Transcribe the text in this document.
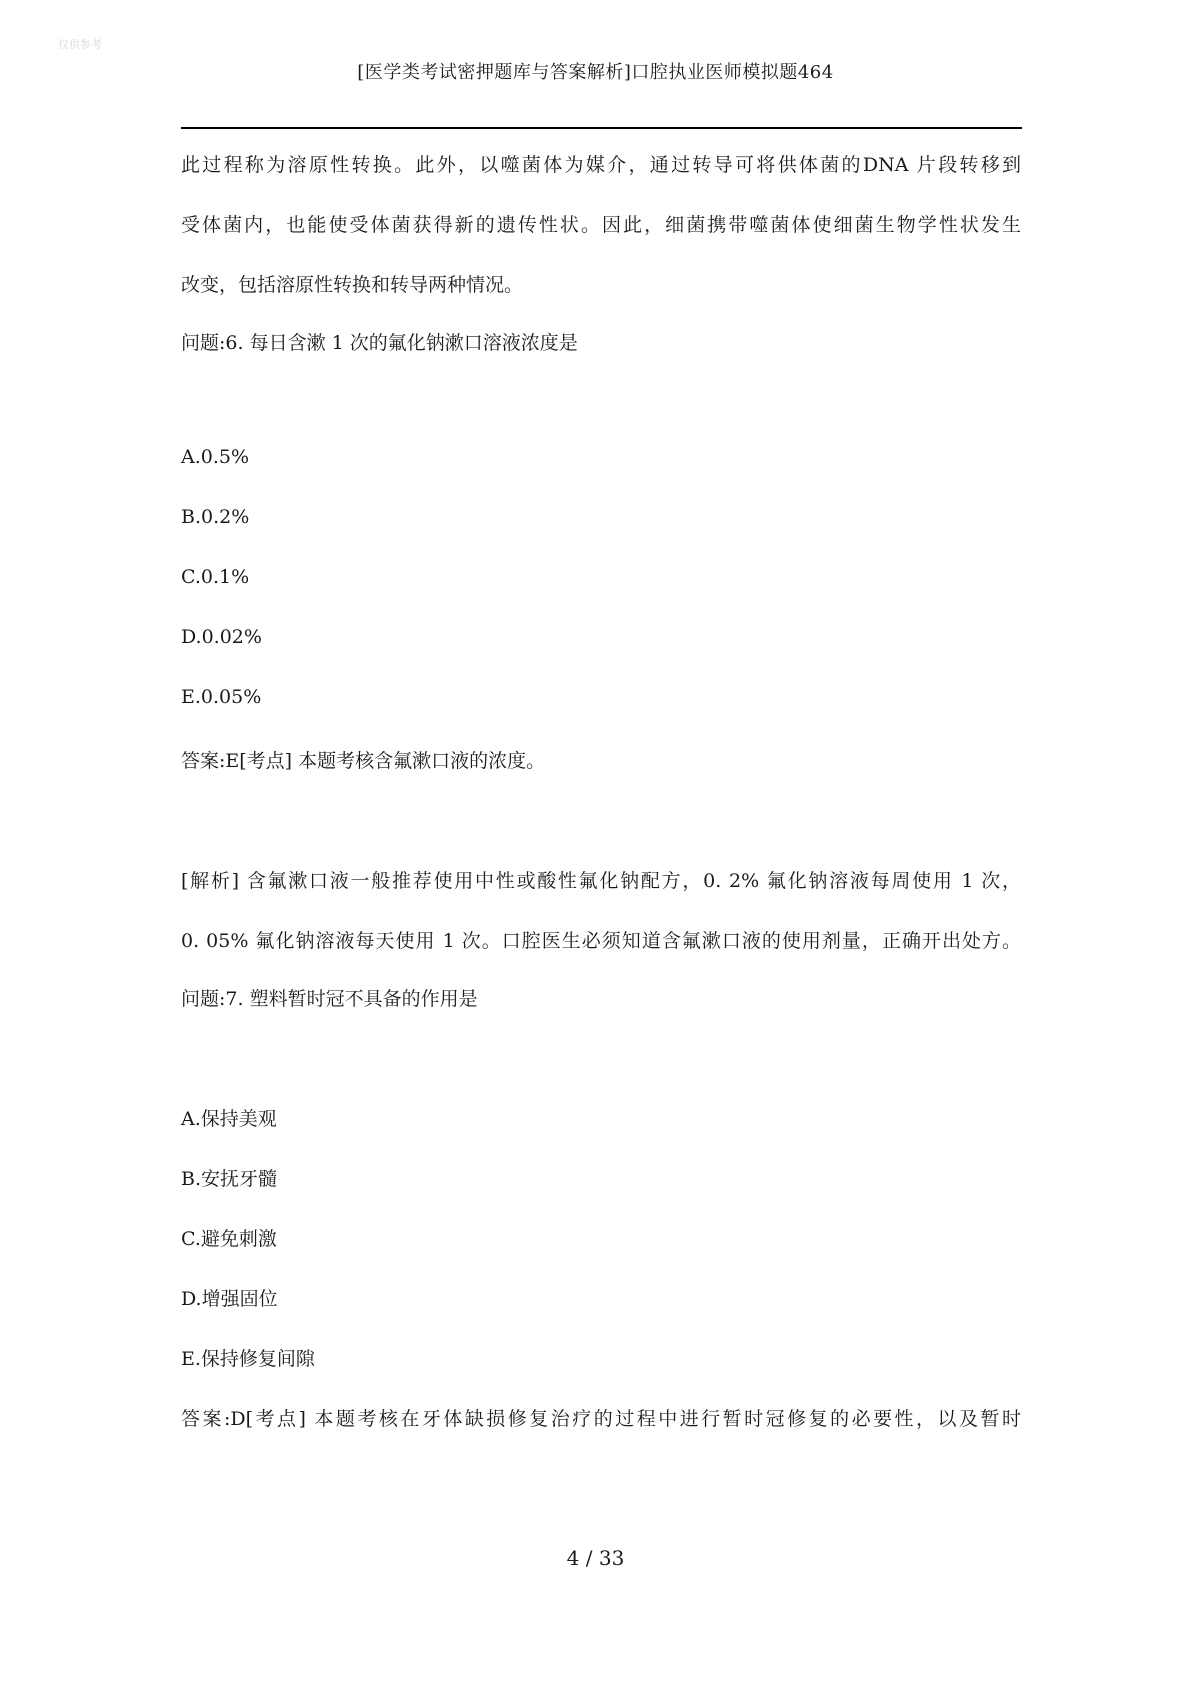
仅供参考
[医学类考试密押题库与答案解析]口腔执业医师模拟题464
此过程称为溶原性转换。此外，以噬菌体为媒介，通过转导可将供体菌的DNA 片段转移到
受体菌内，也能使受体菌获得新的遗传性状。因此，细菌携带噬菌体使细菌生物学性状发生
改变，包括溶原性转换和转导两种情况。
问题:6. 每日含漱 1 次的氟化钠漱口溶液浓度是
A.0.5%
B.0.2%
C.0.1%
D.0.02%
E.0.05%
答案:E[考点] 本题考核含氟漱口液的浓度。
[解析] 含氟漱口液一般推荐使用中性或酸性氟化钠配方，0. 2% 氟化钠溶液每周使用 1 次，
0. 05% 氟化钠溶液每天使用 1 次。口腔医生必须知道含氟漱口液的使用剂量，正确开出处方。
问题:7. 塑料暂时冠不具备的作用是
A.保持美观
B.安抚牙髓
C.避免刺激
D.增强固位
E.保持修复间隙
答案:D[考点] 本题考核在牙体缺损修复治疗的过程中进行暂时冠修复的必要性，以及暂时
4 / 33
